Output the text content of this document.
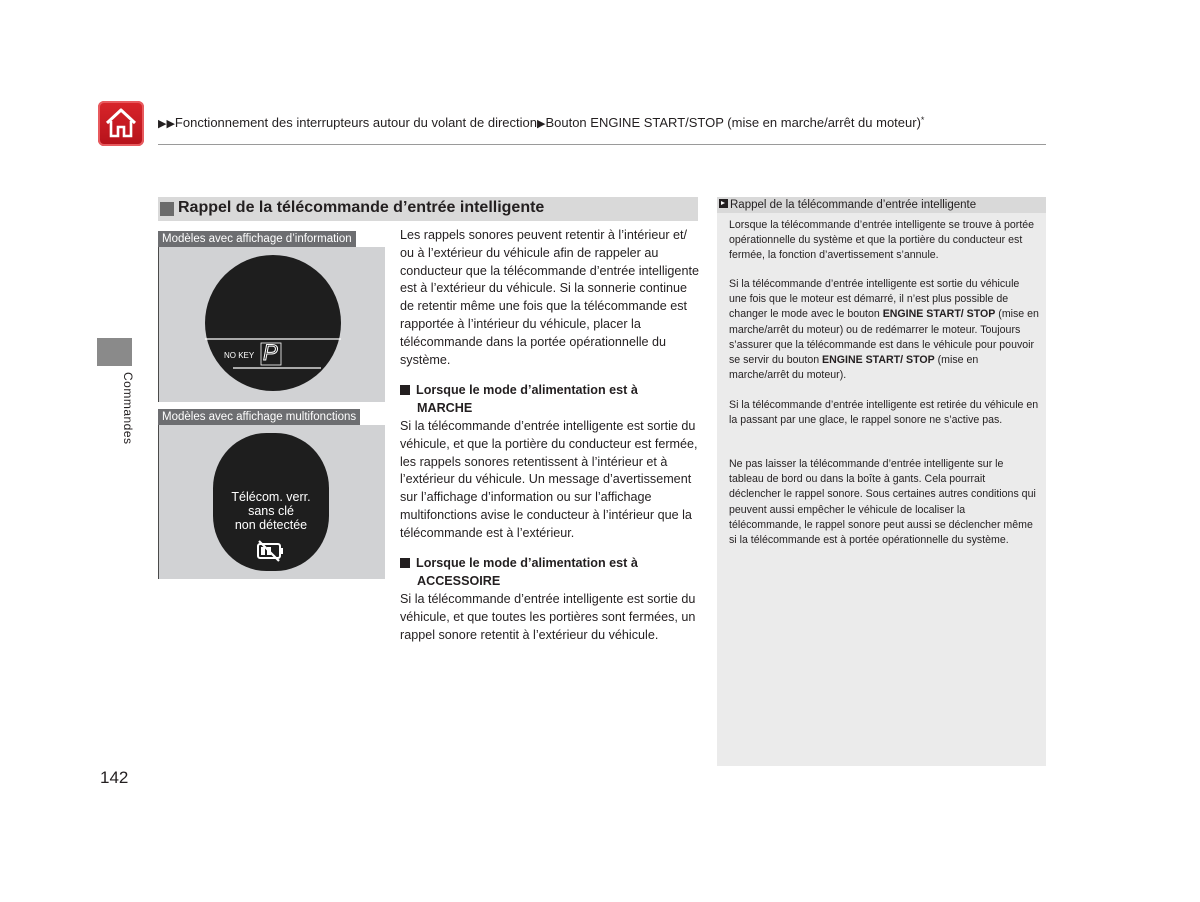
▶▶Fonctionnement des interrupteurs autour du volant de direction▶Bouton ENGINE START/STOP (mise en marche/arrêt du moteur)*
Commandes
Rappel de la télécommande d’entrée intelligente
Modèles avec affichage d’information
NO KEY P
Modèles avec affichage multifonctions
Télécom. verr.
sans clé
non détectée
Les rappels sonores peuvent retentir à l’intérieur et/ ou à l’extérieur du véhicule afin de rappeler au conducteur que la télécommande d’entrée intelligente est à l’extérieur du véhicule. Si la sonnerie continue de retentir même une fois que la télécommande est rapportée à l’intérieur du véhicule, placer la télécommande dans la portée opérationnelle du système.
Lorsque le mode d’alimentation est à
MARCHE
Si la télécommande d’entrée intelligente est sortie du véhicule, et que la portière du conducteur est fermée, les rappels sonores retentissent à l’intérieur et à l’extérieur du véhicule. Un message d’avertissement sur l’affichage d’information ou sur l’affichage multifonctions avise le conducteur à l’intérieur que la télécommande est à l’extérieur.
Lorsque le mode d’alimentation est à
ACCESSOIRE
Si la télécommande d’entrée intelligente est sortie du véhicule, et que toutes les portières sont fermées, un rappel sonore retentit à l’extérieur du véhicule.
Rappel de la télécommande d’entrée intelligente
Lorsque la télécommande d’entrée intelligente se trouve à portée opérationnelle du système et que la portière du conducteur est fermée, la fonction d’avertissement s’annule.
Si la télécommande d’entrée intelligente est sortie du véhicule une fois que le moteur est démarré, il n’est plus possible de changer le mode avec le bouton ENGINE START/ STOP (mise en marche/arrêt du moteur) ou de redémarrer le moteur. Toujours s’assurer que la télécommande est dans le véhicule pour pouvoir se servir du bouton ENGINE START/ STOP (mise en marche/arrêt du moteur).
Si la télécommande d’entrée intelligente est retirée du véhicule en la passant par une glace, le rappel sonore ne s’active pas.
Ne pas laisser la télécommande d’entrée intelligente sur le tableau de bord ou dans la boîte à gants. Cela pourrait déclencher le rappel sonore. Sous certaines autres conditions qui peuvent aussi empêcher le véhicule de localiser la télécommande, le rappel sonore peut aussi se déclencher même si la télécommande est à portée opérationnelle du système.
142
